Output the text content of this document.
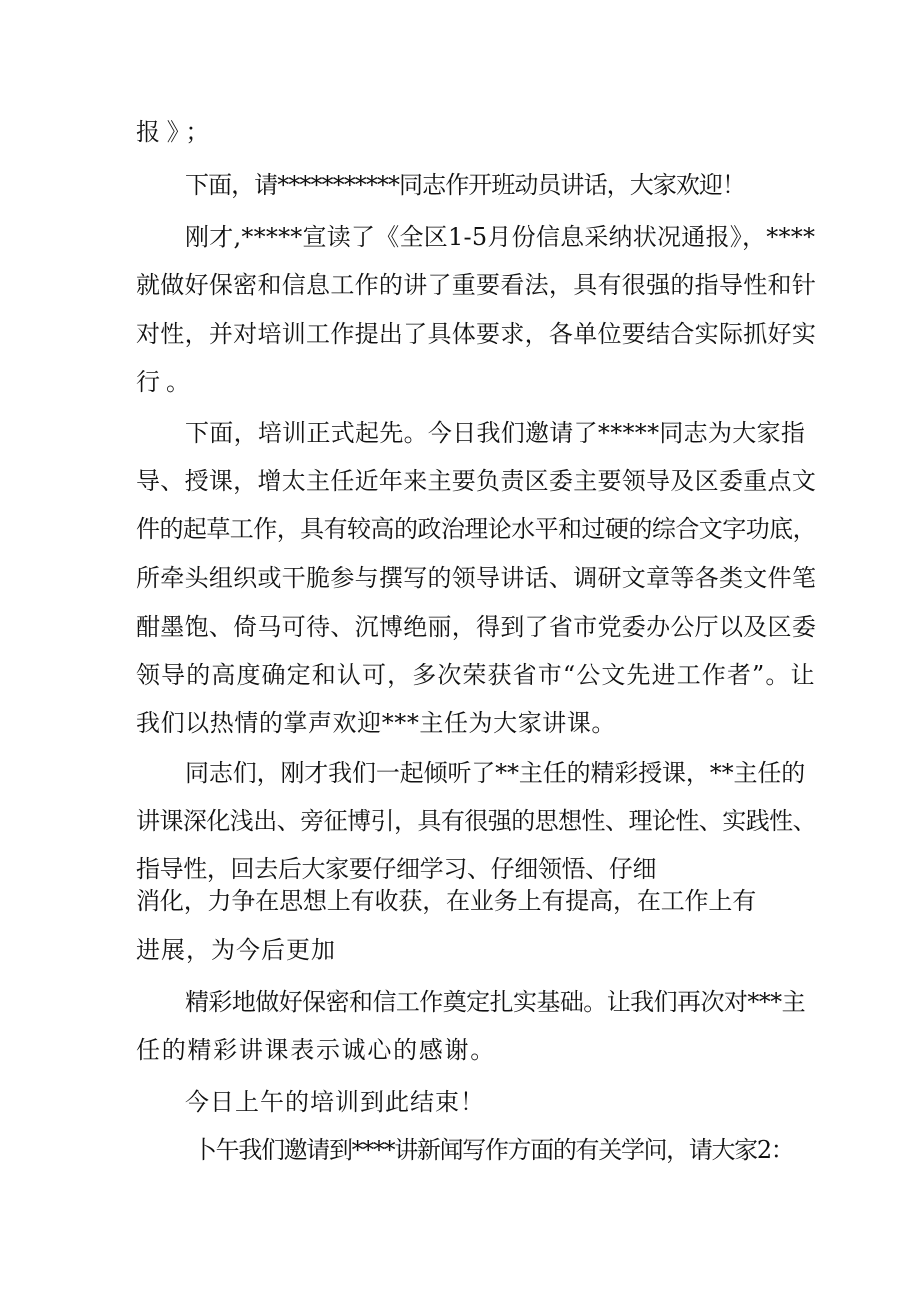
报》；
下面，请***********同志作开班动员讲话，大家欢迎！
刚才,*****宣读了《全区1-5月份信息采纳状况通报》，****
就做好保密和信息工作的讲了重要看法，具有很强的指导性和针
对性，并对培训工作提出了具体要求，各单位要结合实际抓好实
行。
下面，培训正式起先。今日我们邀请了*****同志为大家指
导、授课，增太主任近年来主要负责区委主要领导及区委重点文
件的起草工作，具有较高的政治理论水平和过硬的综合文字功底，
所牵头组织或干脆参与撰写的领导讲话、调研文章等各类文件笔
酣墨饱、倚马可待、沉博绝丽，得到了省市党委办公厅以及区委
领导的高度确定和认可，多次荣获省市“公文先进工作者”。让
我们以热情的掌声欢迎***主任为大家讲课。
同志们，刚才我们一起倾听了**主任的精彩授课，**主任的
讲课深化浅出、旁征博引，具有很强的思想性、理论性、实践性、
指导性，回去后大家要仔细学习、仔细领悟、仔细
消化，力争在思想上有收获，在业务上有提高，在工作上有
进展，为今后更加
精彩地做好保密和信工作奠定扎实基础。让我们再次对***主
任的精彩讲课表示诚心的感谢。
今日上午的培训到此结束！
卜午我们邀请到****讲新闻写作方面的有关学问，请大家2：
